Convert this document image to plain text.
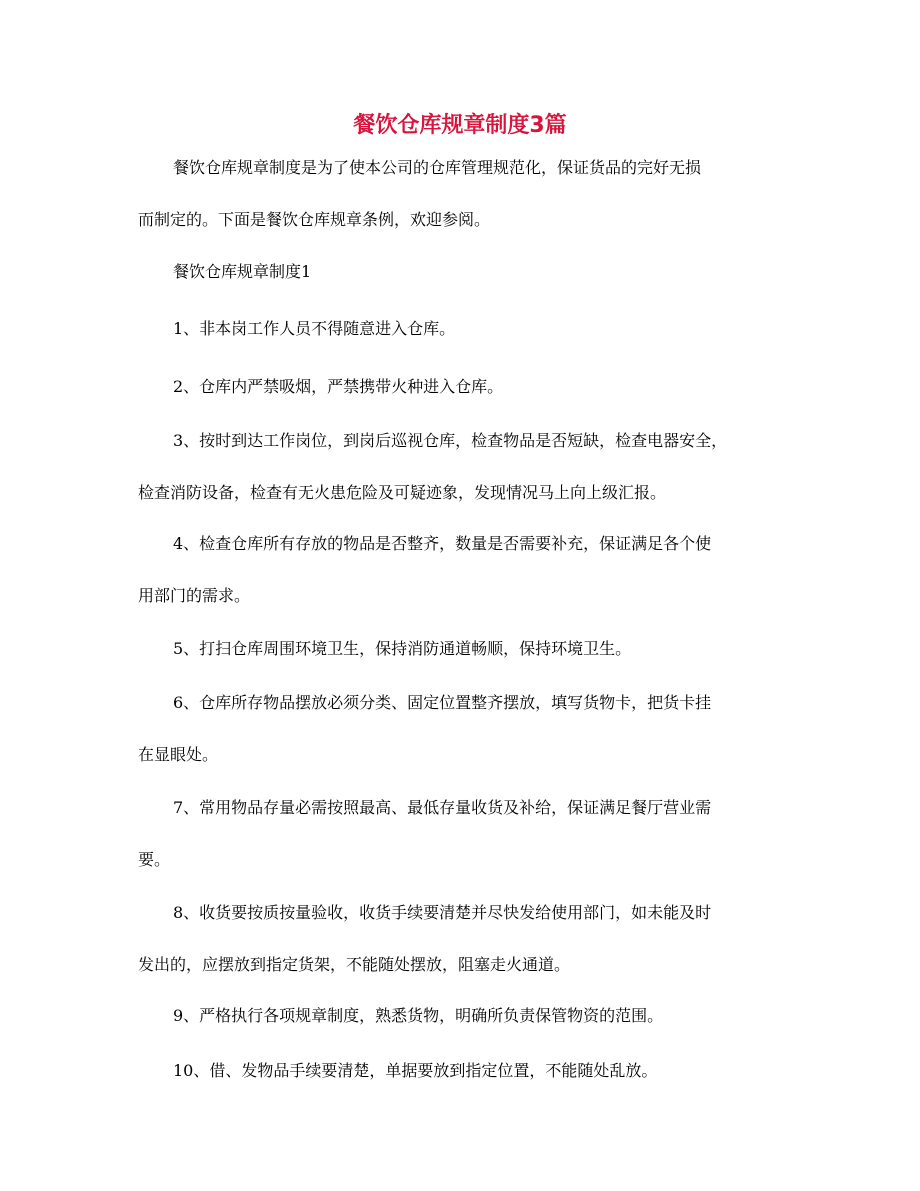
餐饮仓库规章制度3篇
餐饮仓库规章制度是为了使本公司的仓库管理规范化，保证货品的完好无损
而制定的。下面是餐饮仓库规章条例，欢迎参阅。
餐饮仓库规章制度1
1、非本岗工作人员不得随意进入仓库。
2、仓库内严禁吸烟，严禁携带火种进入仓库。
3、按时到达工作岗位，到岗后巡视仓库，检查物品是否短缺，检查电器安全，
检查消防设备，检查有无火患危险及可疑迹象，发现情况马上向上级汇报。
4、检查仓库所有存放的物品是否整齐，数量是否需要补充，保证满足各个使
用部门的需求。
5、打扫仓库周围环境卫生，保持消防通道畅顺，保持环境卫生。
6、仓库所存物品摆放必须分类、固定位置整齐摆放，填写货物卡，把货卡挂
在显眼处。
7、常用物品存量必需按照最高、最低存量收货及补给，保证满足餐厅营业需
要。
8、收货要按质按量验收，收货手续要清楚并尽快发给使用部门，如未能及时
发出的，应摆放到指定货架，不能随处摆放，阻塞走火通道。
9、严格执行各项规章制度，熟悉货物，明确所负责保管物资的范围。
10、借、发物品手续要清楚，单据要放到指定位置，不能随处乱放。
